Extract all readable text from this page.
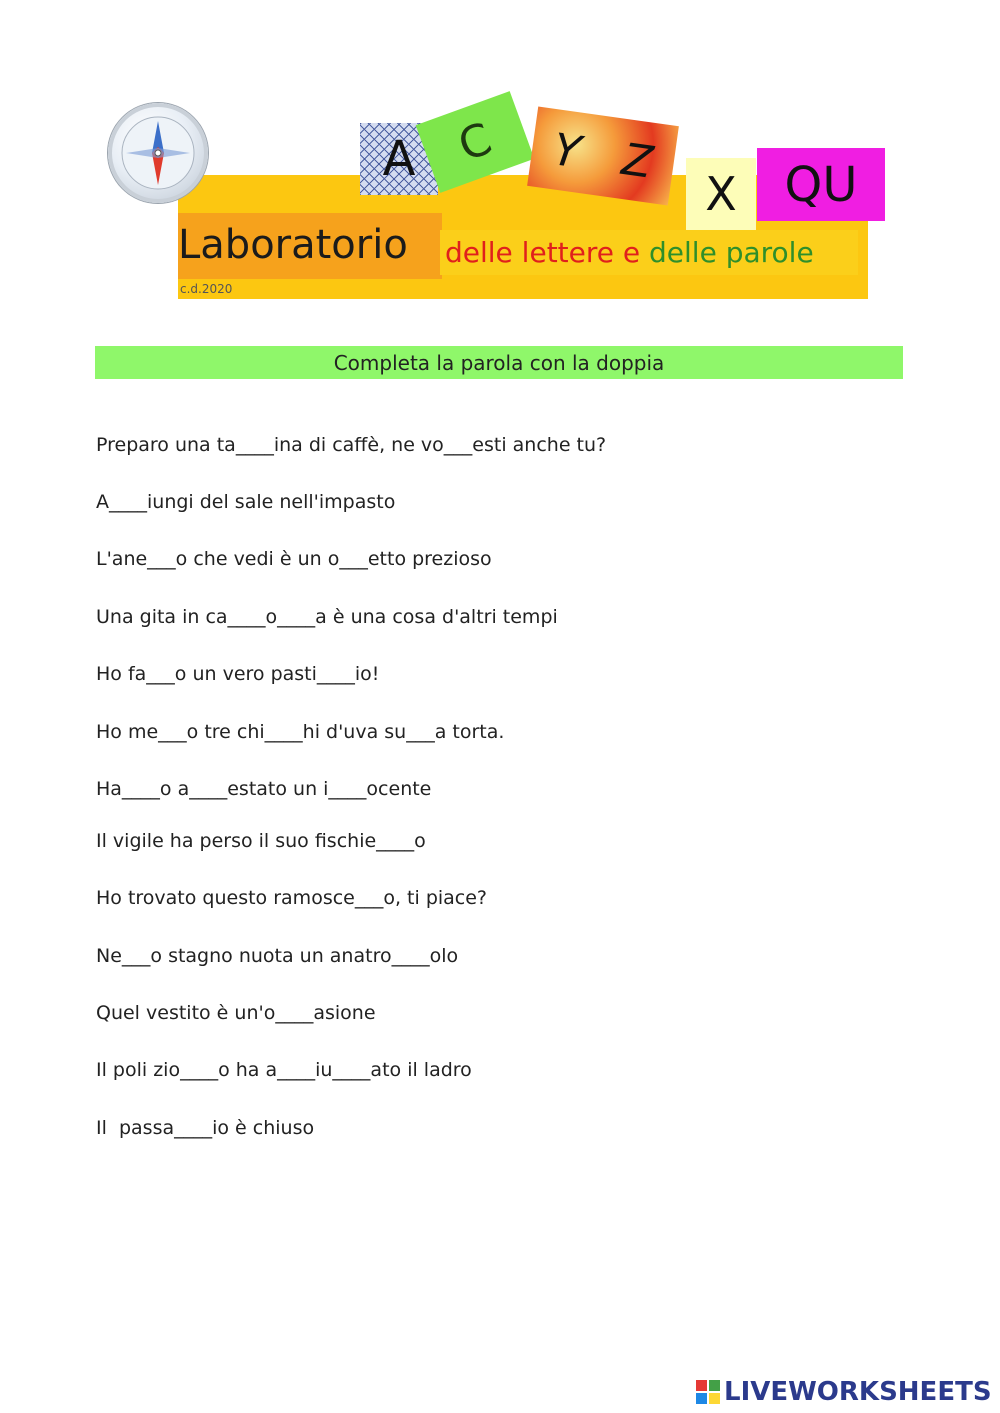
A C Y Z
X QU
Laboratorio delle lettere e delle parole
c.d.2020
Completa la parola con la doppia
Preparo una ta____ina di caffè, ne vo___esti anche tu?
A____iungi del sale nell'impasto
L'ane___o che vedi è un o___etto prezioso
Una gita in ca____o____a è una cosa d'altri tempi
Ho fa___o un vero pasti____io!
Ho me___o tre chi____hi d'uva su___a torta.
Ha____o a____estato un i____ocente
Il vigile ha perso il suo fischie____o
Ho trovato questo ramosce___o, ti piace?
Ne___o stagno nuota un anatro____olo
Quel vestito è un'o____asione
Il poli zio____o ha a____iu____ato il ladro
Il  passa____io è chiuso
LIVEWORKSHEETS
